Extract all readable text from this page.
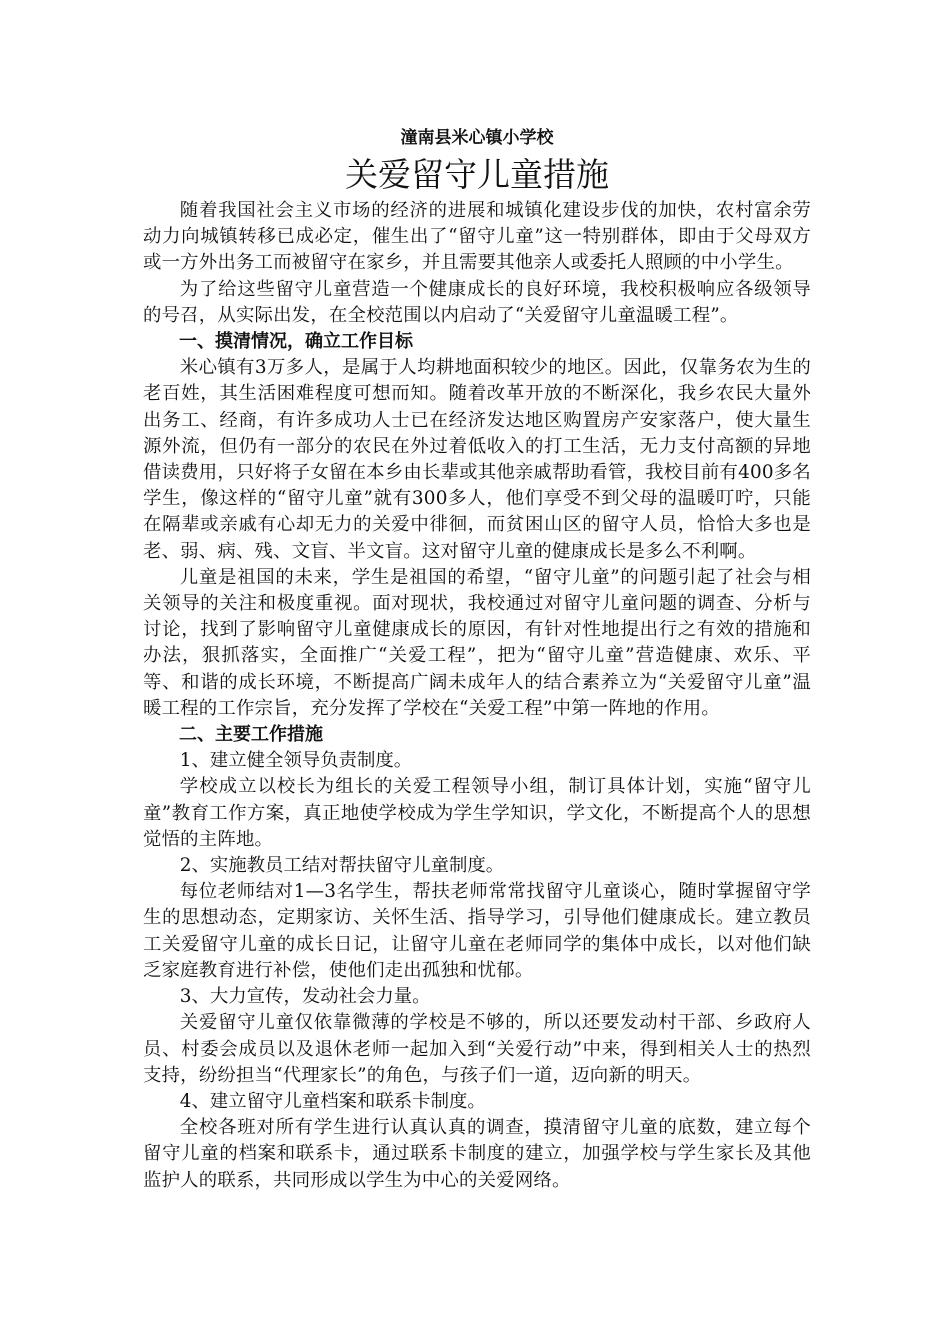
潼南县米心镇小学校

关爱留守儿童措施

随着我国社会主义市场的经济的进展和城镇化建设步伐的加快，农村富余劳动力向城镇转移已成必定，催生出了“留守儿童”这一特别群体，即由于父母双方或一方外出务工而被留守在家乡，并且需要其他亲人或委托人照顾的中小学生。

为了给这些留守儿童营造一个健康成长的良好环境，我校积极响应各级领导的号召，从实际出发，在全校范围以内启动了“关爱留守儿童温暖工程”。

一、摸清情况，确立工作目标

米心镇有3万多人，是属于人均耕地面积较少的地区。因此，仅靠务农为生的老百姓，其生活困难程度可想而知。随着改革开放的不断深化，我乡农民大量外出务工、经商，有许多成功人士已在经济发达地区购置房产安家落户，使大量生源外流，但仍有一部分的农民在外过着低收入的打工生活，无力支付高额的异地借读费用，只好将子女留在本乡由长辈或其他亲戚帮助看管，我校目前有400多名学生，像这样的“留守儿童”就有300多人，他们享受不到父母的温暖叮咛，只能在隔辈或亲戚有心却无力的关爱中徘徊，而贫困山区的留守人员，恰恰大多也是老、弱、病、残、文盲、半文盲。这对留守儿童的健康成长是多么不利啊。

儿童是祖国的未来，学生是祖国的希望，“留守儿童”的问题引起了社会与相关领导的关注和极度重视。面对现状，我校通过对留守儿童问题的调查、分析与讨论，找到了影响留守儿童健康成长的原因，有针对性地提出行之有效的措施和办法，狠抓落实，全面推广“关爱工程”，把为“留守儿童”营造健康、欢乐、平等、和谐的成长环境，不断提高广阔未成年人的结合素养立为“关爱留守儿童”温暖工程的工作宗旨，充分发挥了学校在“关爱工程”中第一阵地的作用。

二、主要工作措施

1、建立健全领导负责制度。

学校成立以校长为组长的关爱工程领导小组，制订具体计划，实施“留守儿童”教育工作方案，真正地使学校成为学生学知识，学文化，不断提高个人的思想觉悟的主阵地。

2、实施教员工结对帮扶留守儿童制度。

每位老师结对1—3名学生，帮扶老师常常找留守儿童谈心，随时掌握留守学生的思想动态，定期家访、关怀生活、指导学习，引导他们健康成长。建立教员工关爱留守儿童的成长日记，让留守儿童在老师同学的集体中成长，以对他们缺乏家庭教育进行补偿，使他们走出孤独和忧郁。

3、大力宣传，发动社会力量。

关爱留守儿童仅依靠微薄的学校是不够的，所以还要发动村干部、乡政府人员、村委会成员以及退休老师一起加入到“关爱行动”中来，得到相关人士的热烈支持，纷纷担当“代理家长”的角色，与孩子们一道，迈向新的明天。

4、建立留守儿童档案和联系卡制度。

全校各班对所有学生进行认真认真的调查，摸清留守儿童的底数，建立每个留守儿童的档案和联系卡，通过联系卡制度的建立，加强学校与学生家长及其他监护人的联系，共同形成以学生为中心的关爱网络。
